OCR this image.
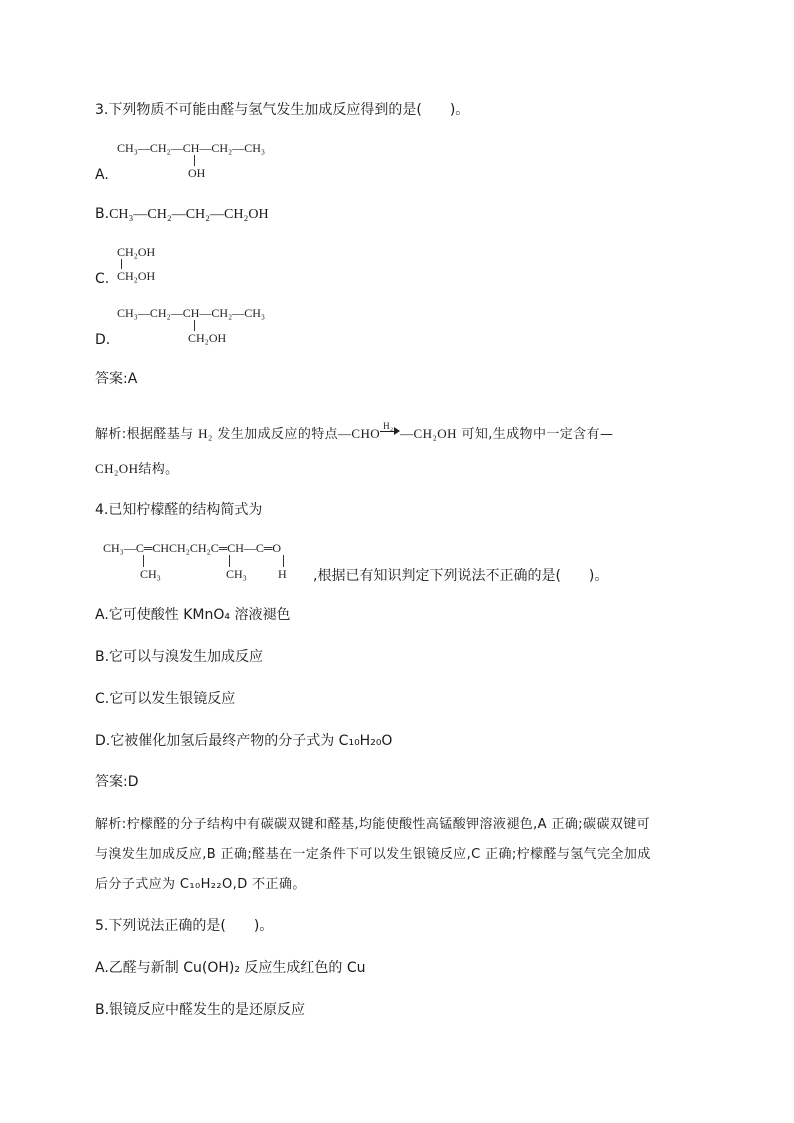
3.下列物质不可能由醛与氢气发生加成反应得到的是(　　)。
CH₃—CH₂—CH—CH₂—CH₃
OH
A.
B.CH₃—CH₂—CH₂—CH₂OH
CH₂OH
CH₂OH
C.
CH₃—CH₂—CH—CH₂—CH₃
CH₂OH
D.
答案:A
解析:根据醛基与 H₂ 发生加成反应的特点—CHO H₂ —CH₂OH 可知,生成物中一定含有—
CH₂OH结构。
4.已知柠檬醛的结构简式为
CH₃—C═CHCH₂CH₂C═CH—C═O
CH₃	CH₃	H ,根据已有知识判定下列说法不正确的是(　　)。
A.它可使酸性 KMnO₄ 溶液褪色
B.它可以与溴发生加成反应
C.它可以发生银镜反应
D.它被催化加氢后最终产物的分子式为 C₁₀H₂₀O
答案:D
解析:柠檬醛的分子结构中有碳碳双键和醛基,均能使酸性高锰酸钾溶液褪色,A 正确;碳碳双键可
与溴发生加成反应,B 正确;醛基在一定条件下可以发生银镜反应,C 正确;柠檬醛与氢气完全加成
后分子式应为 C₁₀H₂₂O,D 不正确。
5.下列说法正确的是(　　)。
A.乙醛与新制 Cu(OH)₂ 反应生成红色的 Cu
B.银镜反应中醛发生的是还原反应
